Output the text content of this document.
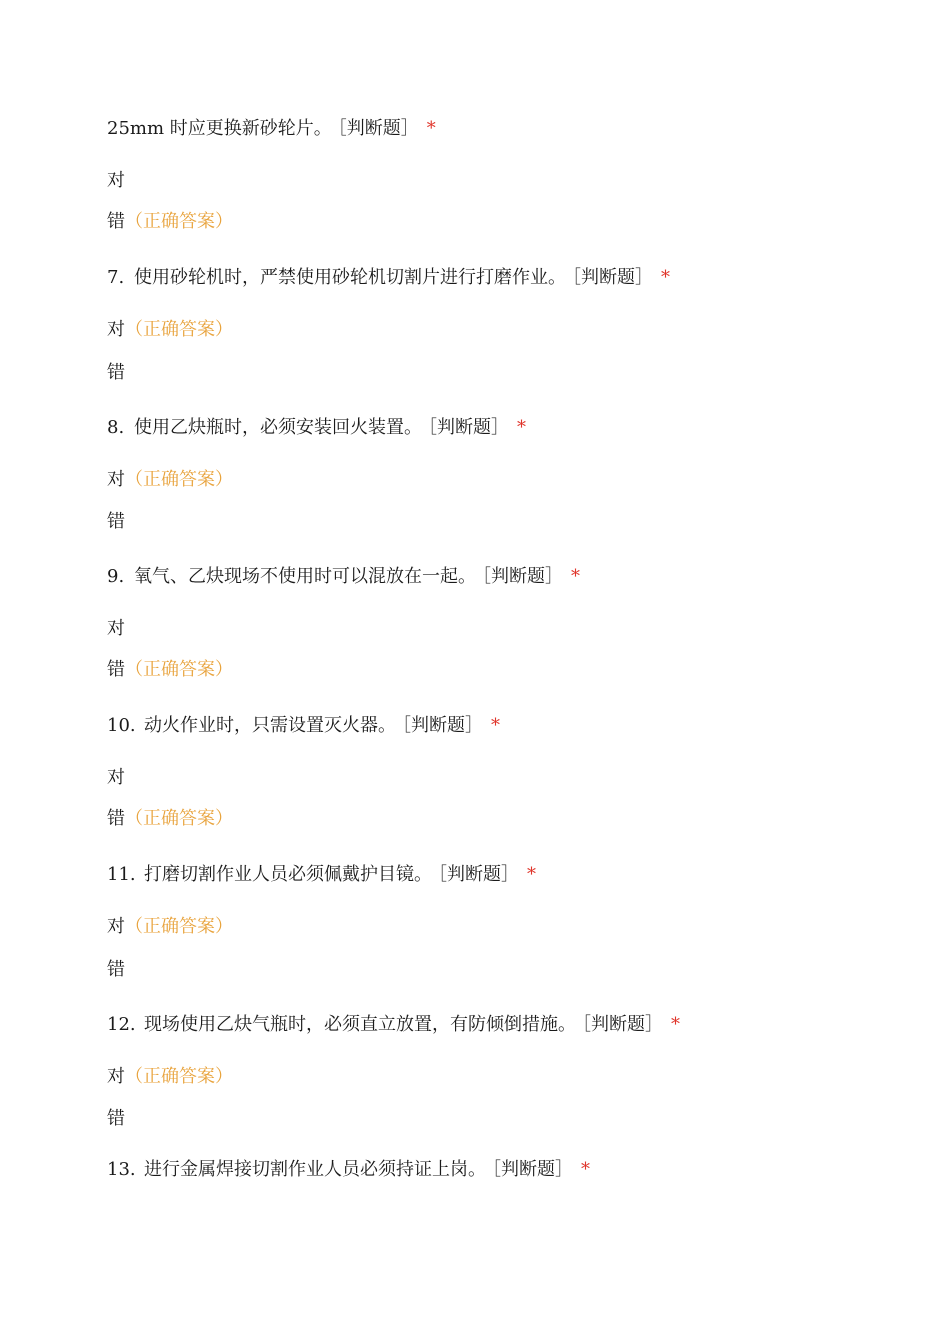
25mm 时应更换新砂轮片。 ［判断题］ *
对
错（正确答案）
7. 使用砂轮机时，严禁使用砂轮机切割片进行打磨作业。 ［判断题］ *
对（正确答案）
错
8. 使用乙炔瓶时，必须安装回火装置。 ［判断题］ *
对（正确答案）
错
9. 氧气、乙炔现场不使用时可以混放在一起。 ［判断题］ *
对
错（正确答案）
10. 动火作业时，只需设置灭火器。 ［判断题］ *
对
错（正确答案）
11. 打磨切割作业人员必须佩戴护目镜。 ［判断题］ *
对（正确答案）
错
12. 现场使用乙炔气瓶时，必须直立放置，有防倾倒措施。 ［判断题］ *
对（正确答案）
错
13. 进行金属焊接切割作业人员必须持证上岗。 ［判断题］ *
